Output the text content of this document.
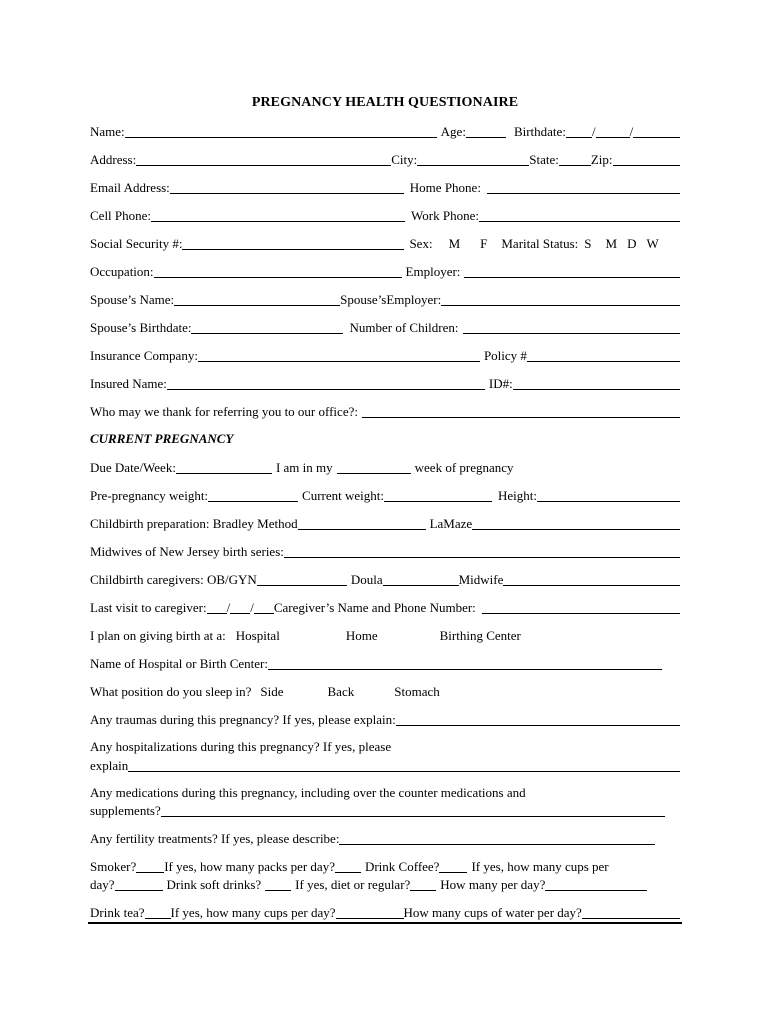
PREGNANCY HEALTH QUESTIONAIRE
Name:	Age:	Birthdate: /	/
Address:	City:	State: Zip:
Email Address:	Home Phone:
Cell Phone:	Work Phone:
Social Security #:	Sex: M F Marital Status: S M D W
Occupation:	Employer:
Spouse’s Name:	Spouse’sEmployer:
Spouse’s Birthdate:	Number of Children:
Insurance Company:	Policy #
Insured Name:	ID#:
Who may we thank for referring you to our office?:
CURRENT PREGNANCY
Due Date/Week:	I am in my	week of pregnancy
Pre-pregnancy weight:	Current weight:	Height:
Childbirth preparation: Bradley Method	LaMaze
Midwives of New Jersey birth series:
Childbirth caregivers: OB/GYN	Doula	Midwife
Last visit to caregiver: / / Caregiver’s Name and Phone Number:
I plan on giving birth at a: Hospital	Home	Birthing Center
Name of Hospital or Birth Center:
What position do you sleep in? Side	Back	Stomach
Any traumas during this pregnancy? If yes, please explain:
Any hospitalizations during this pregnancy? If yes, please
explain
Any medications during this pregnancy, including over the counter medications and
supplements?
Any fertility treatments? If yes, please describe:
Smoker? If yes, how many packs per day? Drink Coffee? If yes, how many cups per
day?	Drink soft drinks?	If yes, diet or regular? How many per day?
Drink tea? If yes, how many cups per day?	How many cups of water per day?
